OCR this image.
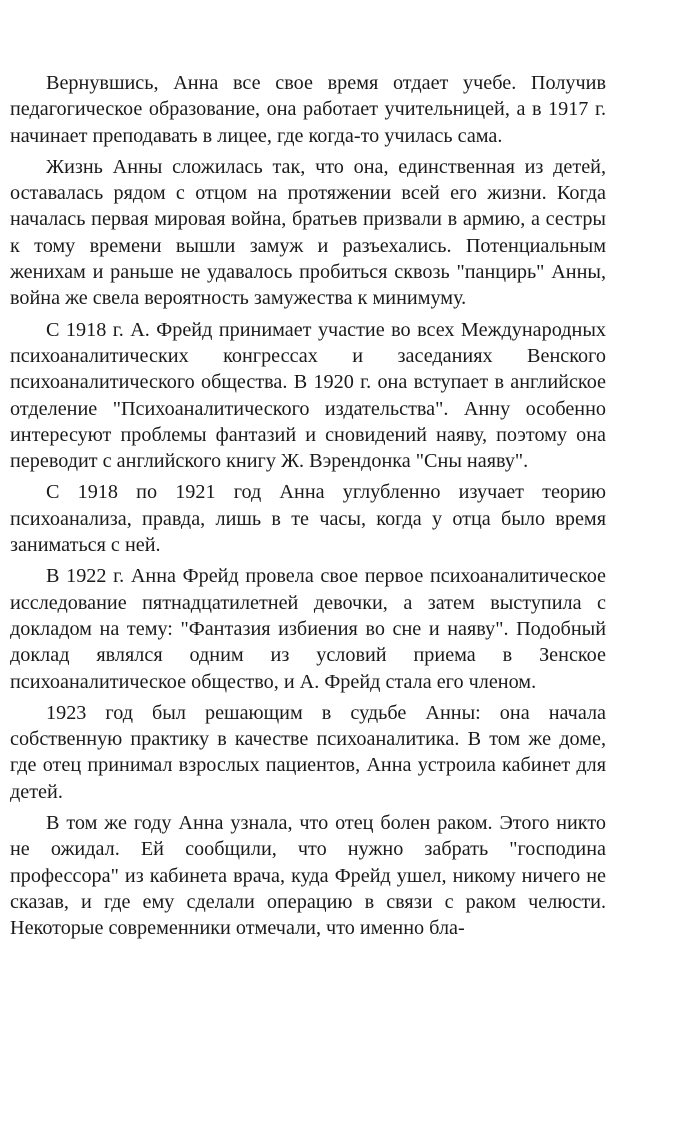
Вернувшись, Анна все свое время отдает учебе. Получив педагогическое образование, она работает учительницей, а в 1917 г. начинает преподавать в лицее, где когда-то училась сама.

Жизнь Анны сложилась так, что она, единственная из детей, оставалась рядом с отцом на протяжении всей его жизни. Когда началась первая мировая война, братьев призвали в армию, а сестры к тому времени вышли замуж и разъехались. Потенциальным женихам и раньше не удавалось пробиться сквозь "панцирь" Анны, война же свела вероятность замужества к минимуму.

С 1918 г. А. Фрейд принимает участие во всех Международных психоаналитических конгрессах и заседаниях Венского психоаналитического общества. В 1920 г. она вступает в английское отделение "Психоаналитического издательства". Анну особенно интересуют проблемы фантазий и сновидений наяву, поэтому она переводит с английского книгу Ж. Вэрендонка "Сны наяву".

С 1918 по 1921 год Анна углубленно изучает теорию психоанализа, правда, лишь в те часы, когда у отца было время заниматься с ней.

В 1922 г. Анна Фрейд провела свое первое психоаналитическое исследование пятнадцатилетней девочки, а затем выступила с докладом на тему: "Фантазия избиения во сне и наяву". Подобный доклад являлся одним из условий приема в Зенское психоаналитическое общество, и А. Фрейд стала его членом.

1923 год был решающим в судьбе Анны: она начала собственную практику в качестве психоаналитика. В том же доме, где отец принимал взрослых пациентов, Анна устроила кабинет для детей.

В том же году Анна узнала, что отец болен раком. Этого никто не ожидал. Ей сообщили, что нужно забрать "господина профессора" из кабинета врача, куда Фрейд ушел, никому ничего не сказав, и где ему сделали операцию в связи с раком челюсти. Некоторые современники отмечали, что именно бла-
